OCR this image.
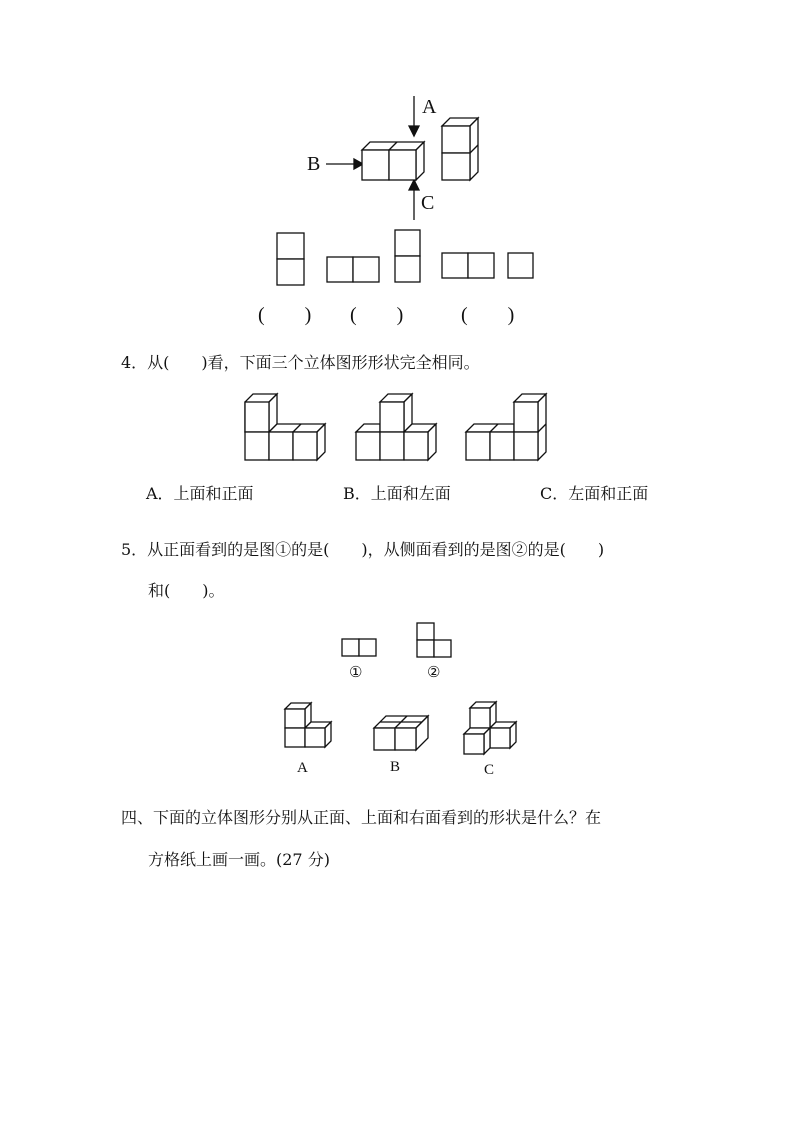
A
B
C
(　　) (　　)	(　　)
4．从(　　)看，下面三个立体图形形状完全相同。
A．上面和正面	B．上面和左面	C．左面和正面
5．从正面看到的是图①的是(　　)，从侧面看到的是图②的是(　　)
和(　　)。
①	②
A	B	C
四、下面的立体图形分别从正面、上面和右面看到的形状是什么？在
方格纸上画一画。(27 分)
